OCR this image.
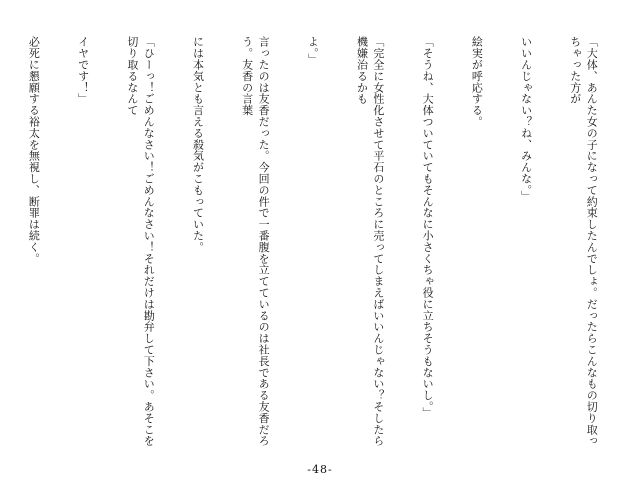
「大体、あんた女の子になって約束したんでしょ。だったらこんなもの切り取っちゃった方が

いいんじゃない？ね、みんな。」

絵実が呼応する。

「そうね、大体ついていてもそんなに小さくちゃ役に立ちそうもないし。」

「完全に女性化させて平石のところに売ってしまえばいいんじゃない？そしたら機嫌治るかも

よ。」

言ったのは友香だった。今回の件で一番腹を立てているのは社長である友香だろう。友香の言葉

には本気とも言える殺気がこもっていた。

「ひーっ！ごめんなさい！ごめんなさい！それだけは勘弁して下さい。あそこを切り取るなんて

イヤです！」

必死に懇願する裕太を無視し、断罪は続く。

-48-
